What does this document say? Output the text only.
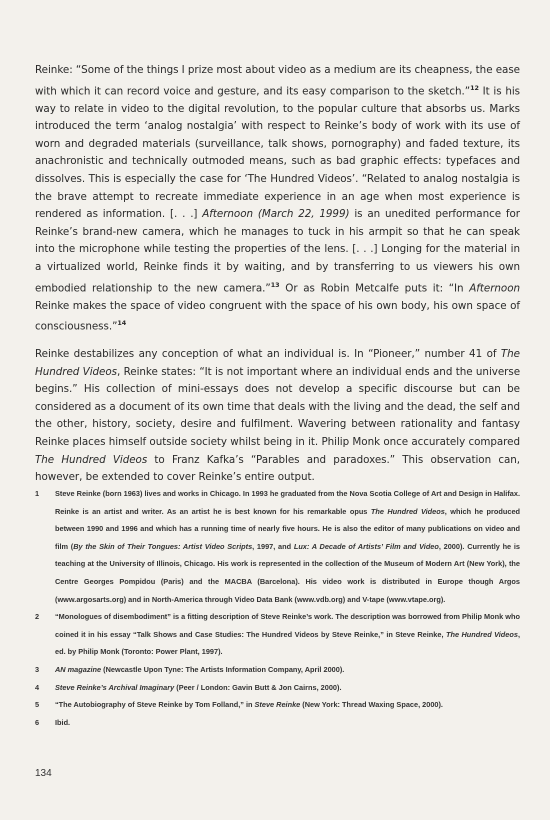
Reinke: “Some of the things I prize most about video as a medium are its cheapness, the ease with which it can record voice and gesture, and its easy comparison to the sketch.”$^{12}$ It is his way to relate in video to the digital revolution, to the popular culture that absorbs us. Marks introduced the term ‘analog nostalgia’ with respect to Reinke’s body of work with its use of worn and degraded materials (surveillance, talk shows, pornography) and faded texture, its anachronistic and technically outmoded means, such as bad graphic effects: typefaces and dissolves. This is especially the case for ‘The Hundred Videos’. “Related to analog nostalgia is the brave attempt to recreate immediate experience in an age when most experience is rendered as information. [. . .] Afternoon (March 22, 1999) is an unedited performance for Reinke’s brand-new camera, which he manages to tuck in his armpit so that he can speak into the microphone while testing the properties of the lens. [. . .] Longing for the material in a virtualized world, Reinke finds it by waiting, and by transferring to us viewers his own embodied relationship to the new camera.”$^{13}$ Or as Robin Metcalfe puts it: “In Afternoon Reinke makes the space of video congruent with the space of his own body, his own space of consciousness.”$^{14}$

Reinke destabilizes any conception of what an individual is. In “Pioneer,” number 41 of The Hundred Videos, Reinke states: “It is not important where an individual ends and the universe begins.” His collection of mini-essays does not develop a specific discourse but can be considered as a document of its own time that deals with the living and the dead, the self and the other, history, society, desire and fulfilment. Wavering between rationality and fantasy Reinke places himself outside society whilst being in it. Philip Monk once accurately compared The Hundred Videos to Franz Kafka’s “Parables and paradoxes.” This observation can, however, be extended to cover Reinke’s entire output.

1	Steve Reinke (born 1963) lives and works in Chicago. In 1993 he graduated from the Nova Scotia College of Art and Design in Halifax. Reinke is an artist and writer. As an artist he is best known for his remarkable opus The Hundred Videos, which he produced between 1990 and 1996 and which has a running time of nearly five hours. He is also the editor of many publications on video and film (By the Skin of Their Tongues: Artist Video Scripts, 1997, and Lux: A Decade of Artists’ Film and Video, 2000). Currently he is teaching at the University of Illinois, Chicago. His work is represented in the collection of the Museum of Modern Art (New York), the Centre Georges Pompidou (Paris) and the MACBA (Barcelona). His video work is distributed in Europe though Argos (www.argosarts.org) and in North-America through Video Data Bank (www.vdb.org) and V-tape (www.vtape.org).
2	“Monologues of disembodiment” is a fitting description of Steve Reinke’s work. The description was borrowed from Philip Monk who coined it in his essay “Talk Shows and Case Studies: The Hundred Videos by Steve Reinke,” in Steve Reinke, The Hundred Videos, ed. by Philip Monk (Toronto: Power Plant, 1997).
3	AN magazine (Newcastle Upon Tyne: The Artists Information Company, April 2000).
4	Steve Reinke’s Archival Imaginary (Peer / London: Gavin Butt & Jon Cairns, 2000).
5	“The Autobiography of Steve Reinke by Tom Folland,” in Steve Reinke (New York: Thread Waxing Space, 2000).
6	Ibid.
134
